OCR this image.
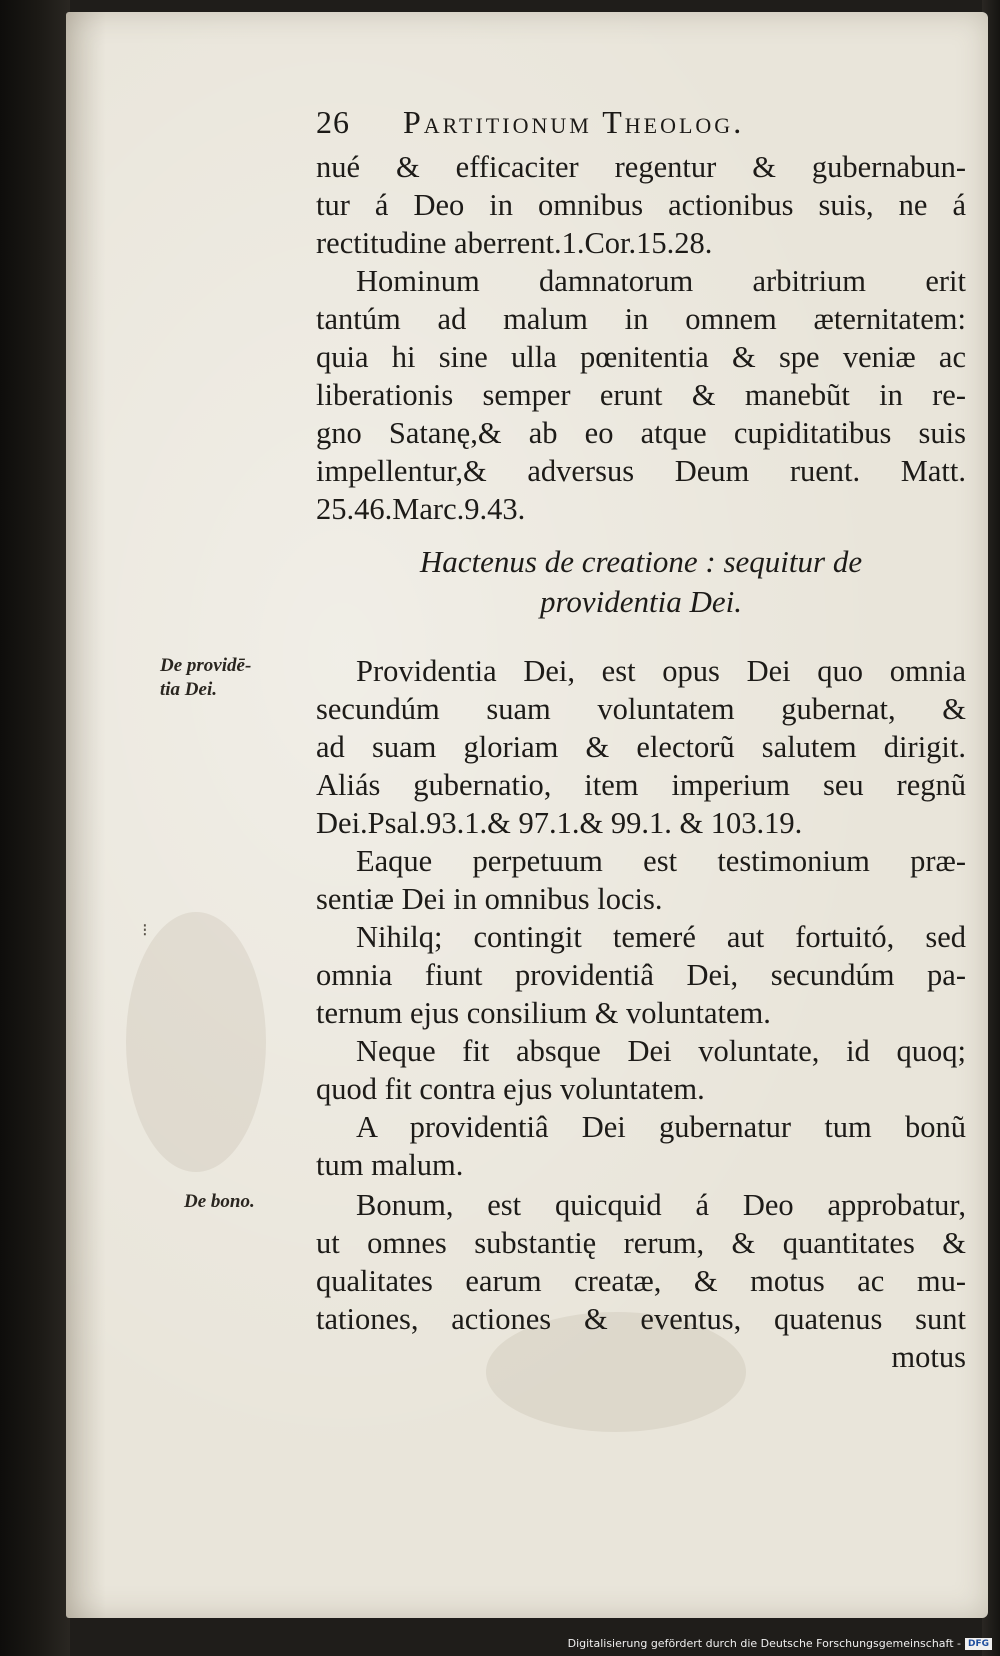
26 Partitionum Theolog.
nué & efficaciter regentur & gubernabun-
tur á Deo in omnibus actionibus suis, ne á
rectitudine aberrent.1.Cor.15.28.
Hominum damnatorum arbitrium erit
tantúm ad malum in omnem æternitatem:
quia hi sine ulla pœnitentia & spe veniæ ac
liberationis semper erunt & manebũt in re-
gno Satanę,& ab eo atque cupiditatibus suis
impellentur,& adversus Deum ruent. Matt.
25.46.Marc.9.43.
Hactenus de creatione : sequitur de
providentia Dei.
De providē-
tia Dei.
Providentia Dei, est opus Dei quo omnia
secundúm suam voluntatem gubernat, &
ad suam gloriam & electorũ salutem dirigit.
Aliás gubernatio, item imperium seu regnũ
Dei.Psal.93.1.& 97.1.& 99.1. & 103.19.
Eaque perpetuum est testimonium præ-
sentiæ Dei in omnibus locis.
Nihilq; contingit temeré aut fortuitó, sed
omnia fiunt providentiâ Dei, secundúm pa-
ternum ejus consilium & voluntatem.
Neque fit absque Dei voluntate, id quoq;
quod fit contra ejus voluntatem.
A providentiâ Dei gubernatur tum bonũ
tum malum.
De bono.	Bonum, est quicquid á Deo approbatur,
ut omnes substantię rerum, & quantitates &
qualitates earum creatæ, & motus ac mu-
tationes, actiones & eventus, quatenus sunt
motus
⁝
Digitalisierung gefördert durch die Deutsche Forschungsgemeinschaft - DFG
